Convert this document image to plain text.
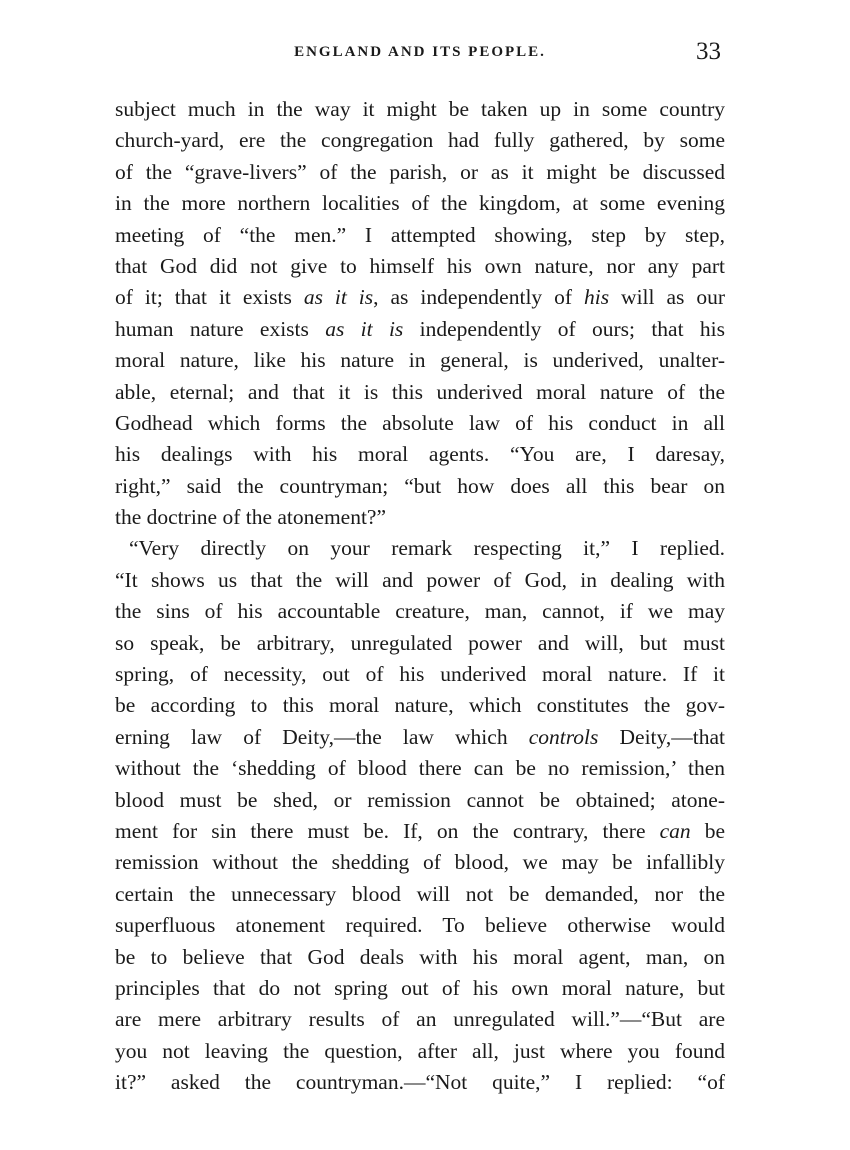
ENGLAND AND ITS PEOPLE.	33
subject much in the way it might be taken up in some country
church-yard, ere the congregation had fully gathered, by some
of the “grave-livers” of the parish, or as it might be discussed
in the more northern localities of the kingdom, at some evening
meeting of “the men.” I attempted showing, step by step,
that God did not give to himself his own nature, nor any part
of it; that it exists as it is, as independently of his will as our
human nature exists as it is independently of ours; that his
moral nature, like his nature in general, is underived, unalter-
able, eternal; and that it is this underived moral nature of the
Godhead which forms the absolute law of his conduct in all
his dealings with his moral agents. “You are, I daresay,
right,” said the countryman; “but how does all this bear on
the doctrine of the atonement?”
“Very directly on your remark respecting it,” I replied.
“It shows us that the will and power of God, in dealing with
the sins of his accountable creature, man, cannot, if we may
so speak, be arbitrary, unregulated power and will, but must
spring, of necessity, out of his underived moral nature. If it
be according to this moral nature, which constitutes the gov-
erning law of Deity,—the law which controls Deity,—that
without the ‘shedding of blood there can be no remission,’ then
blood must be shed, or remission cannot be obtained; atone-
ment for sin there must be. If, on the contrary, there can be
remission without the shedding of blood, we may be infallibly
certain the unnecessary blood will not be demanded, nor the
superfluous atonement required. To believe otherwise would
be to believe that God deals with his moral agent, man, on
principles that do not spring out of his own moral nature, but
are mere arbitrary results of an unregulated will.”—“But are
you not leaving the question, after all, just where you found
it?” asked the countryman.—“Not quite,” I replied: “of
